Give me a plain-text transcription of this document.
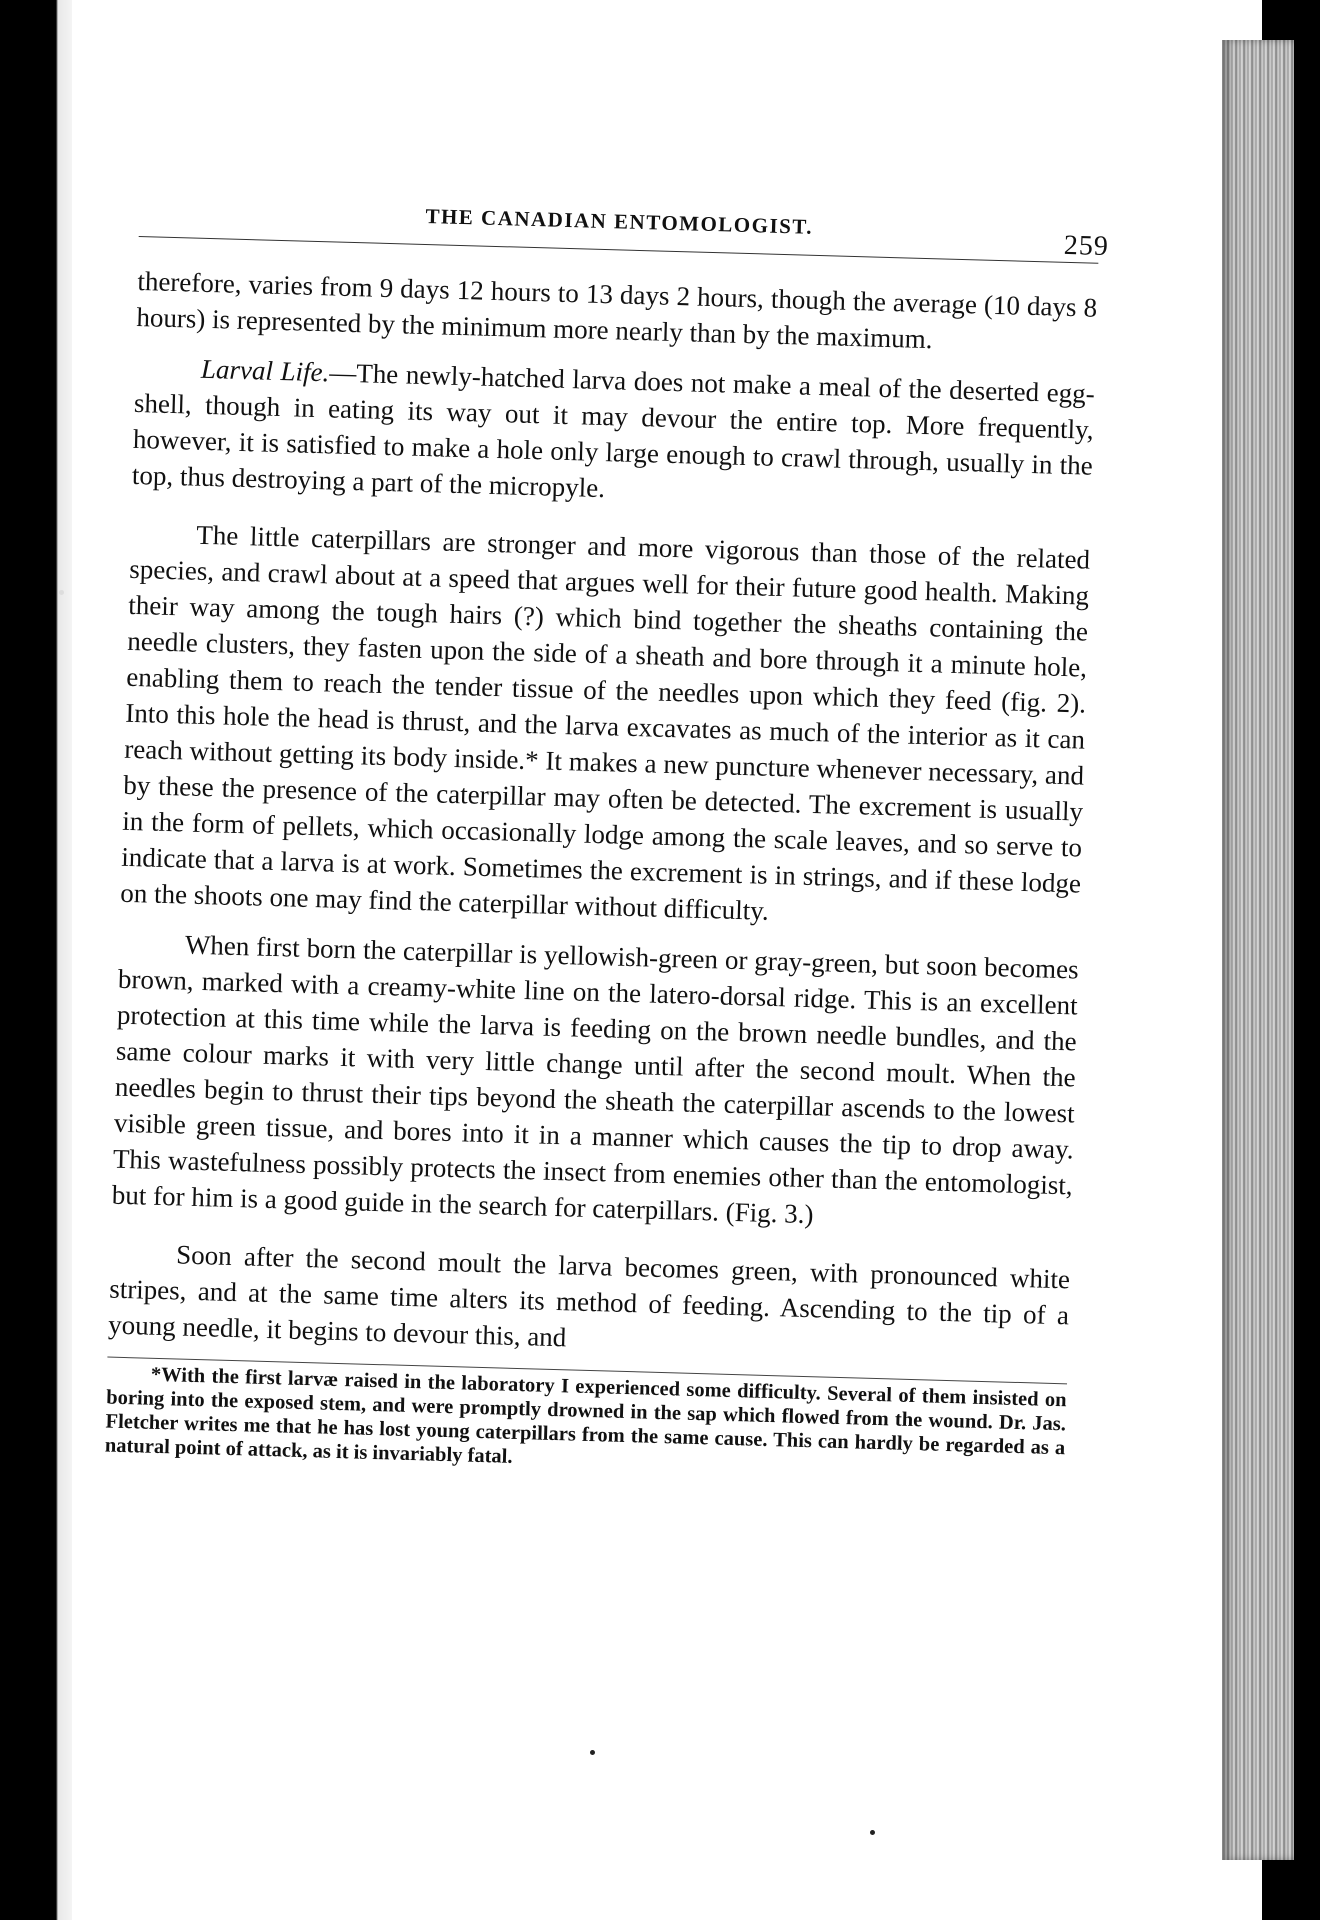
THE CANADIAN ENTOMOLOGIST.
259

therefore, varies from 9 days 12 hours to 13 days 2 hours, though the average (10 days 8 hours) is represented by the minimum more nearly than by the maximum.

Larval Life.—The newly-hatched larva does not make a meal of the deserted egg-shell, though in eating its way out it may devour the entire top. More frequently, however, it is satisfied to make a hole only large enough to crawl through, usually in the top, thus destroying a part of the micropyle.

The little caterpillars are stronger and more vigorous than those of the related species, and crawl about at a speed that argues well for their future good health. Making their way among the tough hairs (?) which bind together the sheaths containing the needle clusters, they fasten upon the side of a sheath and bore through it a minute hole, enabling them to reach the tender tissue of the needles upon which they feed (fig. 2). Into this hole the head is thrust, and the larva excavates as much of the interior as it can reach without getting its body inside.* It makes a new puncture whenever necessary, and by these the presence of the caterpillar may often be detected. The excrement is usually in the form of pellets, which occasionally lodge among the scale leaves, and so serve to indicate that a larva is at work. Sometimes the excrement is in strings, and if these lodge on the shoots one may find the caterpillar without difficulty.

When first born the caterpillar is yellowish-green or gray-green, but soon becomes brown, marked with a creamy-white line on the latero-dorsal ridge. This is an excellent protection at this time while the larva is feeding on the brown needle bundles, and the same colour marks it with very little change until after the second moult. When the needles begin to thrust their tips beyond the sheath the caterpillar ascends to the lowest visible green tissue, and bores into it in a manner which causes the tip to drop away. This wastefulness possibly protects the insect from enemies other than the entomologist, but for him is a good guide in the search for caterpillars. (Fig. 3.)

Soon after the second moult the larva becomes green, with pronounced white stripes, and at the same time alters its method of feeding. Ascending to the tip of a young needle, it begins to devour this, and

*With the first larvæ raised in the laboratory I experienced some difficulty. Several of them insisted on boring into the exposed stem, and were promptly drowned in the sap which flowed from the wound. Dr. Jas. Fletcher writes me that he has lost young caterpillars from the same cause. This can hardly be regarded as a natural point of attack, as it is invariably fatal.
